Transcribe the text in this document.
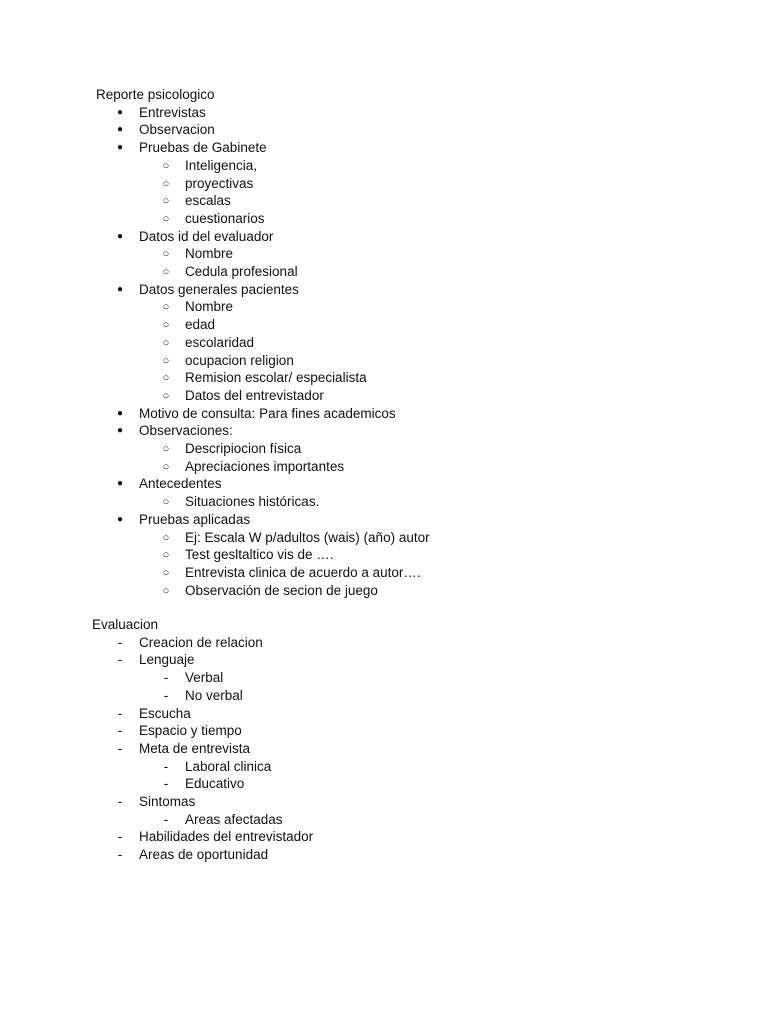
Reporte psicologico
● Entrevistas
● Observacion
● Pruebas de Gabinete
○ Inteligencia,
○ proyectivas
○ escalas
○ cuestionarios
● Datos id del evaluador
○ Nombre
○ Cedula profesional
● Datos generales pacientes
○ Nombre
○ edad
○ escolaridad
○ ocupacion religion
○ Remision escolar/ especialista
○ Datos del entrevistador
● Motivo de consulta: Para fines academicos
● Observaciones:
○ Descripiocion física
○ Apreciaciones importantes
● Antecedentes
○ Situaciones históricas.
● Pruebas aplicadas
○ Ej: Escala W p/adultos (wais) (año) autor
○ Test gesltaltico vis de ….
○ Entrevista clinica de acuerdo a autor….
○ Observación de secion de juego
Evaluacion
-	Creacion de relacion
-	Lenguaje
-	Verbal
-	No verbal
-	Escucha
-	Espacio y tiempo
-	Meta de entrevista
-	Laboral clinica
-	Educativo
-	Sintomas
-	Areas afectadas
-	Habilidades del entrevistador
-	Areas de oportunidad
